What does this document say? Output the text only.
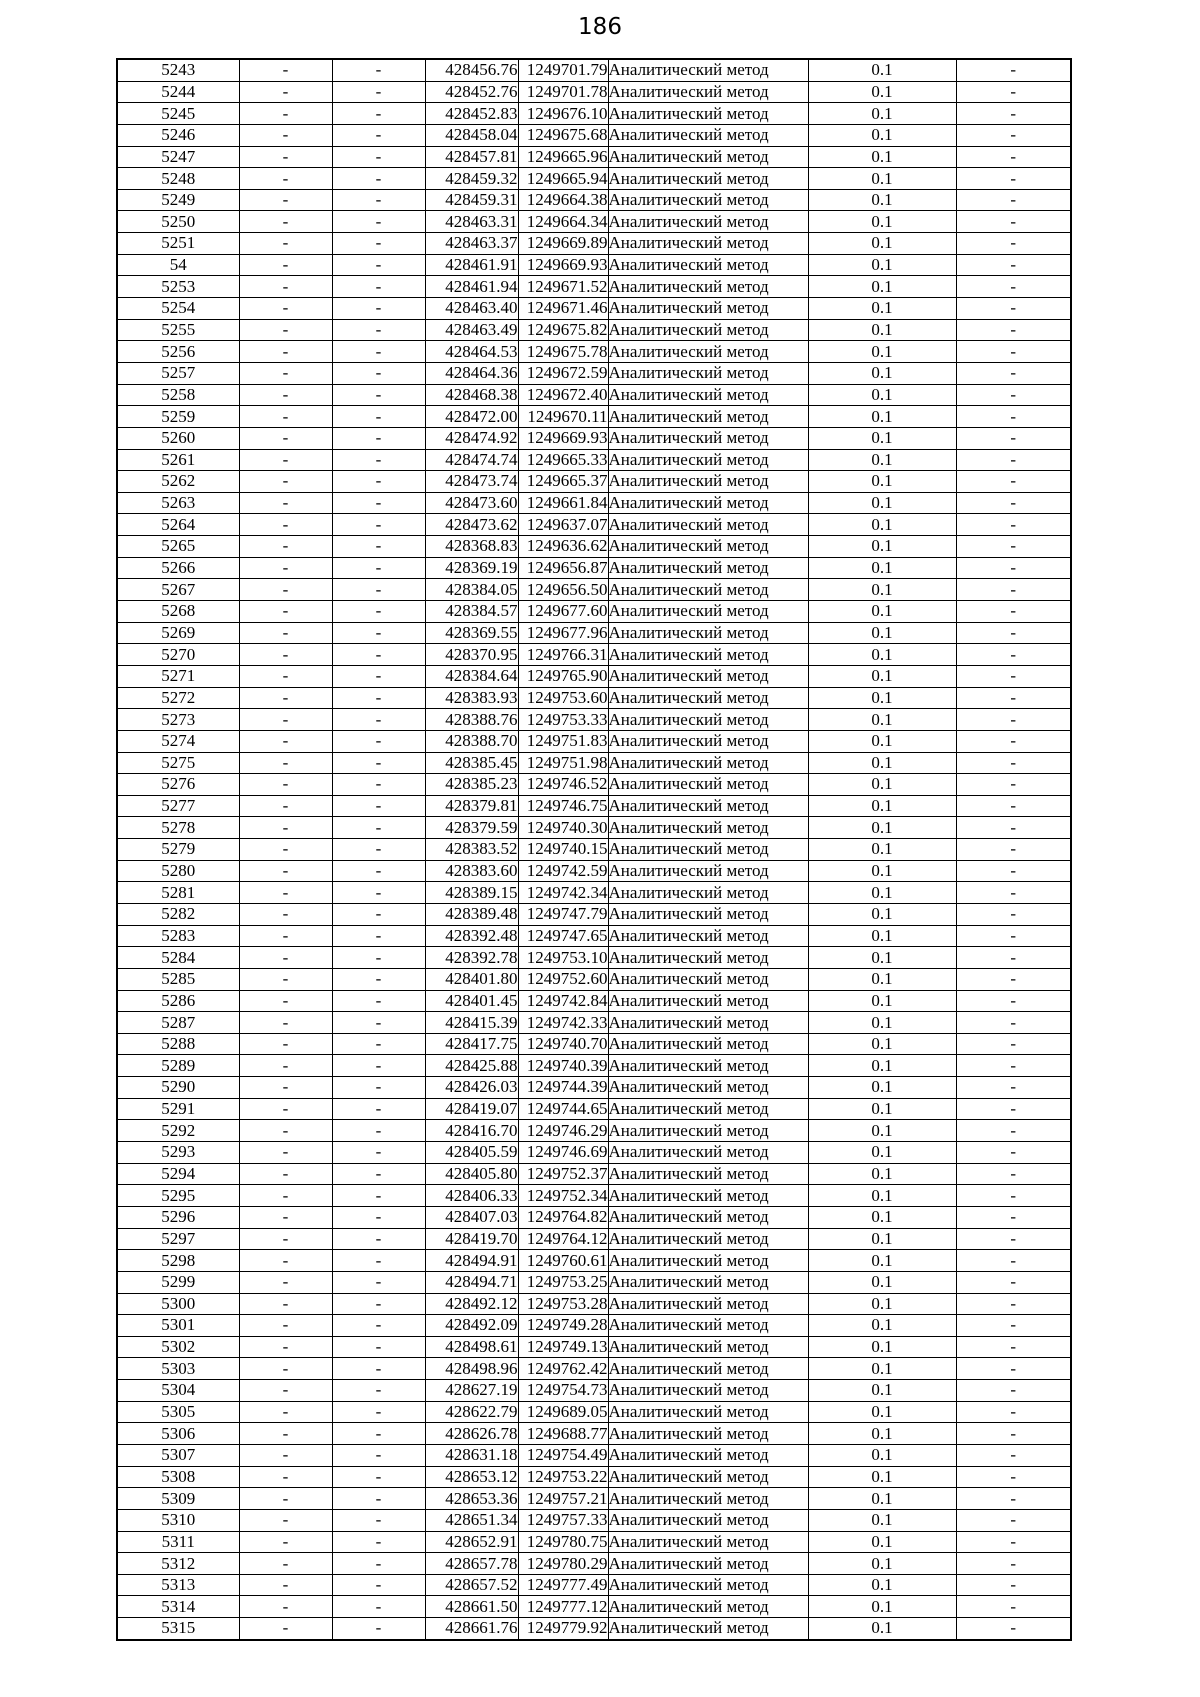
186
5243	-	-	428456.76	1249701.79	Аналитический метод	0.1	-
5244	-	-	428452.76	1249701.78	Аналитический метод	0.1	-
5245	-	-	428452.83	1249676.10	Аналитический метод	0.1	-
5246	-	-	428458.04	1249675.68	Аналитический метод	0.1	-
5247	-	-	428457.81	1249665.96	Аналитический метод	0.1	-
5248	-	-	428459.32	1249665.94	Аналитический метод	0.1	-
5249	-	-	428459.31	1249664.38	Аналитический метод	0.1	-
5250	-	-	428463.31	1249664.34	Аналитический метод	0.1	-
5251	-	-	428463.37	1249669.89	Аналитический метод	0.1	-
54	-	-	428461.91	1249669.93	Аналитический метод	0.1	-
5253	-	-	428461.94	1249671.52	Аналитический метод	0.1	-
5254	-	-	428463.40	1249671.46	Аналитический метод	0.1	-
5255	-	-	428463.49	1249675.82	Аналитический метод	0.1	-
5256	-	-	428464.53	1249675.78	Аналитический метод	0.1	-
5257	-	-	428464.36	1249672.59	Аналитический метод	0.1	-
5258	-	-	428468.38	1249672.40	Аналитический метод	0.1	-
5259	-	-	428472.00	1249670.11	Аналитический метод	0.1	-
5260	-	-	428474.92	1249669.93	Аналитический метод	0.1	-
5261	-	-	428474.74	1249665.33	Аналитический метод	0.1	-
5262	-	-	428473.74	1249665.37	Аналитический метод	0.1	-
5263	-	-	428473.60	1249661.84	Аналитический метод	0.1	-
5264	-	-	428473.62	1249637.07	Аналитический метод	0.1	-
5265	-	-	428368.83	1249636.62	Аналитический метод	0.1	-
5266	-	-	428369.19	1249656.87	Аналитический метод	0.1	-
5267	-	-	428384.05	1249656.50	Аналитический метод	0.1	-
5268	-	-	428384.57	1249677.60	Аналитический метод	0.1	-
5269	-	-	428369.55	1249677.96	Аналитический метод	0.1	-
5270	-	-	428370.95	1249766.31	Аналитический метод	0.1	-
5271	-	-	428384.64	1249765.90	Аналитический метод	0.1	-
5272	-	-	428383.93	1249753.60	Аналитический метод	0.1	-
5273	-	-	428388.76	1249753.33	Аналитический метод	0.1	-
5274	-	-	428388.70	1249751.83	Аналитический метод	0.1	-
5275	-	-	428385.45	1249751.98	Аналитический метод	0.1	-
5276	-	-	428385.23	1249746.52	Аналитический метод	0.1	-
5277	-	-	428379.81	1249746.75	Аналитический метод	0.1	-
5278	-	-	428379.59	1249740.30	Аналитический метод	0.1	-
5279	-	-	428383.52	1249740.15	Аналитический метод	0.1	-
5280	-	-	428383.60	1249742.59	Аналитический метод	0.1	-
5281	-	-	428389.15	1249742.34	Аналитический метод	0.1	-
5282	-	-	428389.48	1249747.79	Аналитический метод	0.1	-
5283	-	-	428392.48	1249747.65	Аналитический метод	0.1	-
5284	-	-	428392.78	1249753.10	Аналитический метод	0.1	-
5285	-	-	428401.80	1249752.60	Аналитический метод	0.1	-
5286	-	-	428401.45	1249742.84	Аналитический метод	0.1	-
5287	-	-	428415.39	1249742.33	Аналитический метод	0.1	-
5288	-	-	428417.75	1249740.70	Аналитический метод	0.1	-
5289	-	-	428425.88	1249740.39	Аналитический метод	0.1	-
5290	-	-	428426.03	1249744.39	Аналитический метод	0.1	-
5291	-	-	428419.07	1249744.65	Аналитический метод	0.1	-
5292	-	-	428416.70	1249746.29	Аналитический метод	0.1	-
5293	-	-	428405.59	1249746.69	Аналитический метод	0.1	-
5294	-	-	428405.80	1249752.37	Аналитический метод	0.1	-
5295	-	-	428406.33	1249752.34	Аналитический метод	0.1	-
5296	-	-	428407.03	1249764.82	Аналитический метод	0.1	-
5297	-	-	428419.70	1249764.12	Аналитический метод	0.1	-
5298	-	-	428494.91	1249760.61	Аналитический метод	0.1	-
5299	-	-	428494.71	1249753.25	Аналитический метод	0.1	-
5300	-	-	428492.12	1249753.28	Аналитический метод	0.1	-
5301	-	-	428492.09	1249749.28	Аналитический метод	0.1	-
5302	-	-	428498.61	1249749.13	Аналитический метод	0.1	-
5303	-	-	428498.96	1249762.42	Аналитический метод	0.1	-
5304	-	-	428627.19	1249754.73	Аналитический метод	0.1	-
5305	-	-	428622.79	1249689.05	Аналитический метод	0.1	-
5306	-	-	428626.78	1249688.77	Аналитический метод	0.1	-
5307	-	-	428631.18	1249754.49	Аналитический метод	0.1	-
5308	-	-	428653.12	1249753.22	Аналитический метод	0.1	-
5309	-	-	428653.36	1249757.21	Аналитический метод	0.1	-
5310	-	-	428651.34	1249757.33	Аналитический метод	0.1	-
5311	-	-	428652.91	1249780.75	Аналитический метод	0.1	-
5312	-	-	428657.78	1249780.29	Аналитический метод	0.1	-
5313	-	-	428657.52	1249777.49	Аналитический метод	0.1	-
5314	-	-	428661.50	1249777.12	Аналитический метод	0.1	-
5315	-	-	428661.76	1249779.92	Аналитический метод	0.1	-
